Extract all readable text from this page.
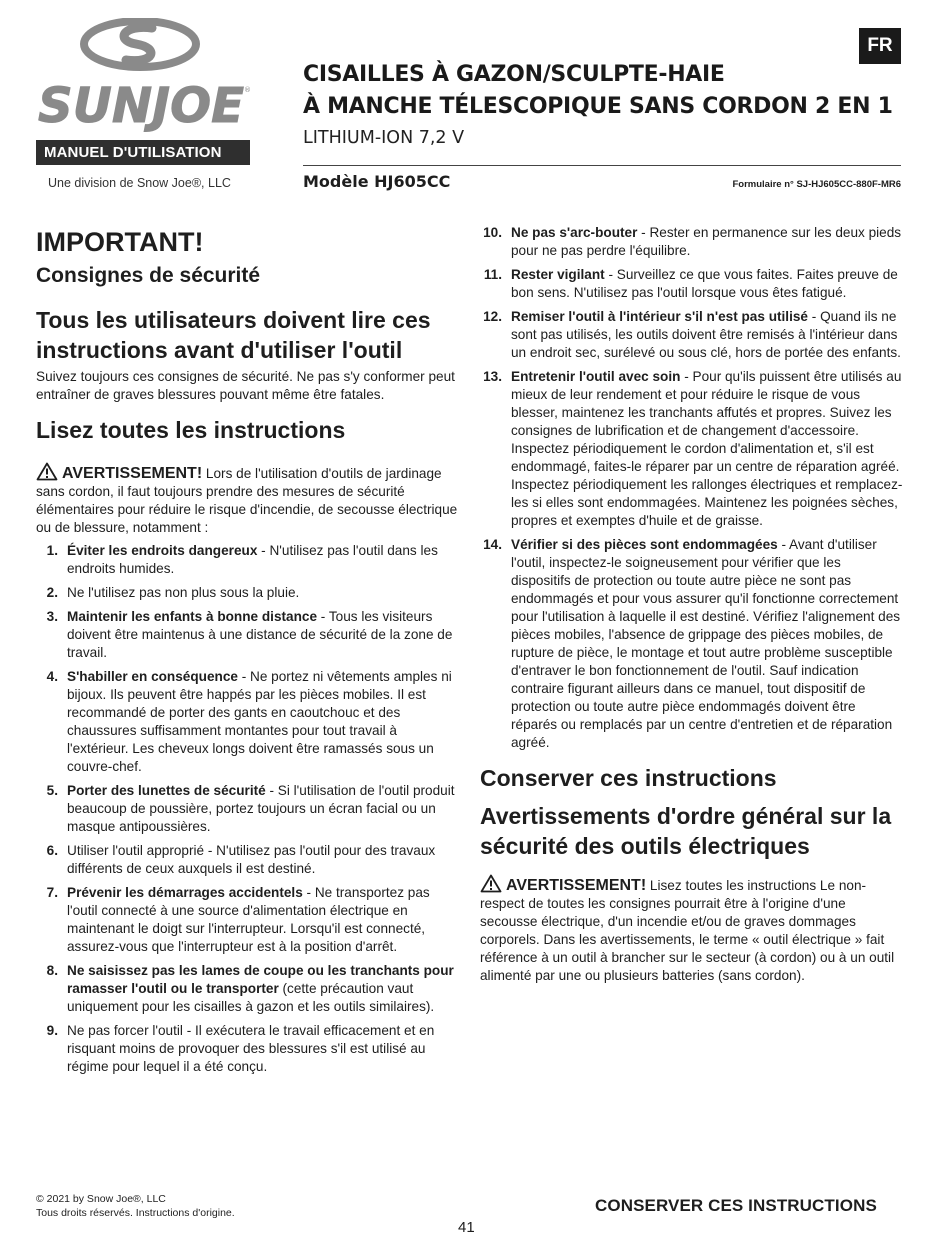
SUNJOE ®
MANUEL D'UTILISATION
Une division de Snow Joe®, LLC
FR
CISAILLES À GAZON/SCULPTE-HAIE
À MANCHE TÉLESCOPIQUE SANS CORDON 2 EN 1
LITHIUM-ION 7,2 V
Modèle HJ605CC	Formulaire n° SJ-HJ605CC-880F-MR6
IMPORTANT!
Consignes de sécurité
Tous les utilisateurs doivent lire ces instructions avant d'utiliser l'outil

Suivez toujours ces consignes de sécurité. Ne pas s'y conformer peut entraîner de graves blessures pouvant même être fatales.

Lisez toutes les instructions

AVERTISSEMENT! Lors de l'utilisation d'outils de jardinage sans cordon, il faut toujours prendre des mesures de sécurité élémentaires pour réduire le risque d'incendie, de secousse électrique ou de blessure, notamment :

1. Éviter les endroits dangereux - N'utilisez pas l'outil dans les endroits humides.
2. Ne l'utilisez pas non plus sous la pluie.
3. Maintenir les enfants à bonne distance - Tous les visiteurs doivent être maintenus à une distance de sécurité de la zone de travail.
4. S'habiller en conséquence - Ne portez ni vêtements amples ni bijoux. Ils peuvent être happés par les pièces mobiles. Il est recommandé de porter des gants en caoutchouc et des chaussures suffisamment montantes pour tout travail à l'extérieur. Les cheveux longs doivent être ramassés sous un couvre-chef.
5. Porter des lunettes de sécurité - Si l'utilisation de l'outil produit beaucoup de poussière, portez toujours un écran facial ou un masque antipoussières.
6. Utiliser l'outil approprié - N'utilisez pas l'outil pour des travaux différents de ceux auxquels il est destiné.
7. Prévenir les démarrages accidentels - Ne transportez pas l'outil connecté à une source d'alimentation électrique en maintenant le doigt sur l'interrupteur. Lorsqu'il est connecté, assurez-vous que l'interrupteur est à la position d'arrêt.
8. Ne saisissez pas les lames de coupe ou les tranchants pour ramasser l'outil ou le transporter (cette précaution vaut uniquement pour les cisailles à gazon et les outils similaires).
9. Ne pas forcer l'outil - Il exécutera le travail efficacement et en risquant moins de provoquer des blessures s'il est utilisé au régime pour lequel il a été conçu.
10. Ne pas s'arc-bouter - Rester en permanence sur les deux pieds pour ne pas perdre l'équilibre.
11. Rester vigilant - Surveillez ce que vous faites. Faites preuve de bon sens. N'utilisez pas l'outil lorsque vous êtes fatigué.
12. Remiser l'outil à l'intérieur s'il n'est pas utilisé - Quand ils ne sont pas utilisés, les outils doivent être remisés à l'intérieur dans un endroit sec, surélevé ou sous clé, hors de portée des enfants.
13. Entretenir l'outil avec soin - Pour qu'ils puissent être utilisés au mieux de leur rendement et pour réduire le risque de vous blesser, maintenez les tranchants affutés et propres. Suivez les consignes de lubrification et de changement d'accessoire. Inspectez périodiquement le cordon d'alimentation et, s'il est endommagé, faites-le réparer par un centre de réparation agréé. Inspectez périodiquement les rallonges électriques et remplacez-les si elles sont endommagées. Maintenez les poignées sèches, propres et exemptes d'huile et de graisse.
14. Vérifier si des pièces sont endommagées - Avant d'utiliser l'outil, inspectez-le soigneusement pour vérifier que les dispositifs de protection ou toute autre pièce ne sont pas endommagés et pour vous assurer qu'il fonctionne correctement pour l'utilisation à laquelle il est destiné. Vérifiez l'alignement des pièces mobiles, l'absence de grippage des pièces mobiles, de rupture de pièce, le montage et tout autre problème susceptible d'entraver le bon fonctionnement de l'outil. Sauf indication contraire figurant ailleurs dans ce manuel, tout dispositif de protection ou toute autre pièce endommagés doivent être réparés ou remplacés par un centre d'entretien et de réparation agréé.
Conserver ces instructions
Avertissements d'ordre général sur la sécurité des outils électriques

AVERTISSEMENT! Lisez toutes les instructions Le non-respect de toutes les consignes pourrait être à l'origine d'une secousse électrique, d'un incendie et/ou de graves dommages corporels. Dans les avertissements, le terme « outil électrique » fait référence à un outil à brancher sur le secteur (à cordon) ou à un outil alimenté par une ou plusieurs batteries (sans cordon).

© 2021 by Snow Joe®, LLC
Tous droits réservés. Instructions d'origine.
41
CONSERVER CES INSTRUCTIONS
